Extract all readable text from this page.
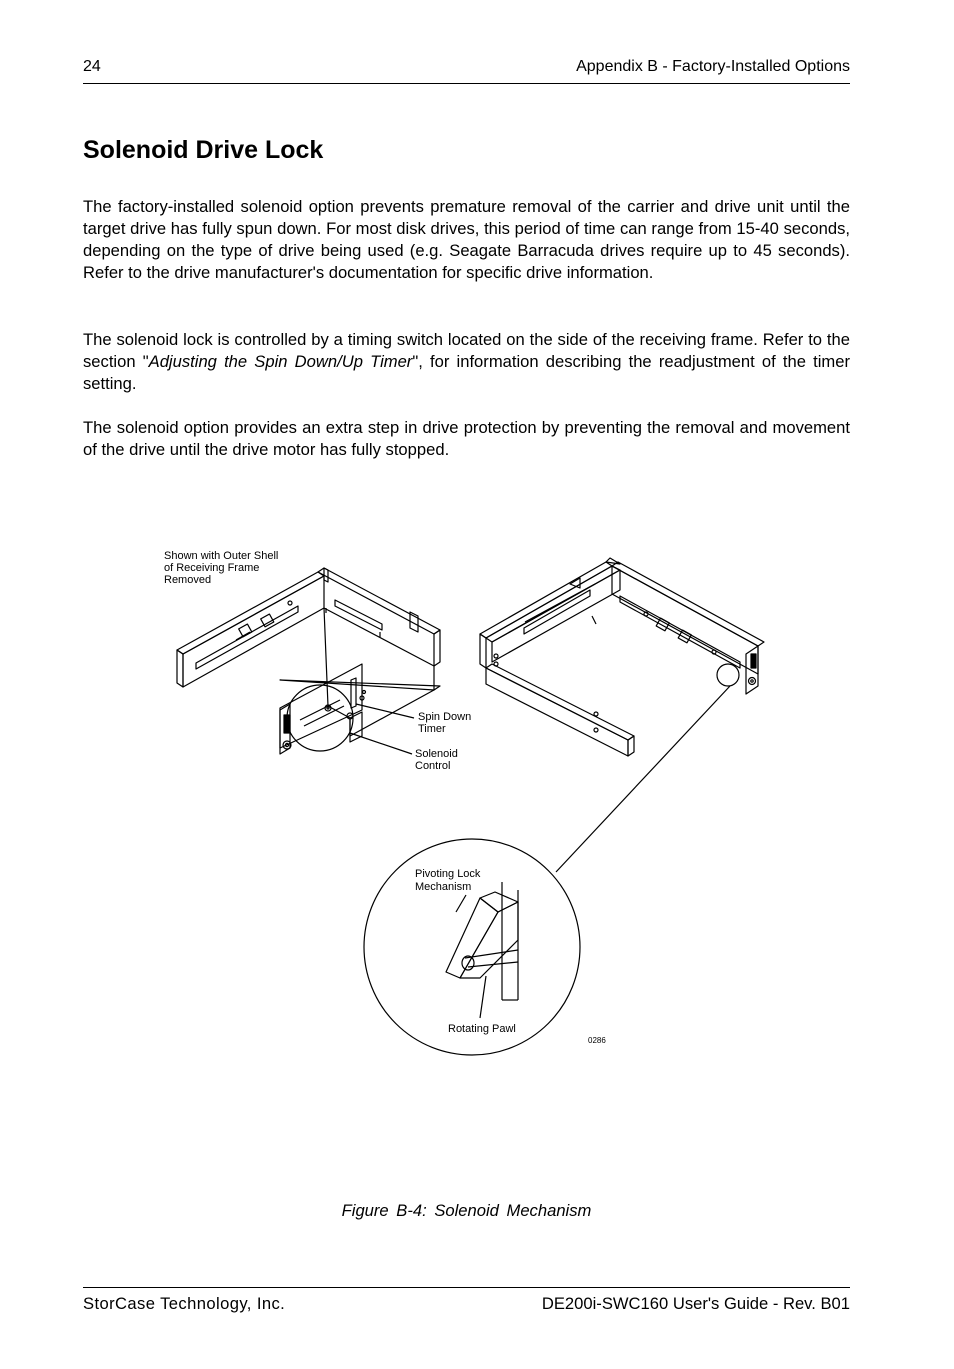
24	Appendix B - Factory-Installed Options
Solenoid Drive Lock

The factory-installed solenoid option prevents premature removal of the carrier and drive unit until the target drive has fully spun down. For most disk drives, this period of time can range from 15-40 seconds, depending on the type of drive being used (e.g. Seagate Barracuda drives require up to 45 seconds). Refer to the drive manufacturer's documentation for specific drive information.

The solenoid lock is controlled by a timing switch located on the side of the receiving frame. Refer to the section "Adjusting the Spin Down/Up Timer", for information describing the readjustment of the timer setting.

The solenoid option provides an extra step in drive protection by preventing the removal and movement of the drive until the drive motor has fully stopped.

Shown with Outer Shell
of Receiving Frame
Removed
Spin Down
Timer
Solenoid
Control
Pivoting Lock
Mechanism
Rotating Pawl
0286
Figure B-4: Solenoid Mechanism
StorCase Technology, Inc.	DE200i-SWC160 User's Guide - Rev. B01
